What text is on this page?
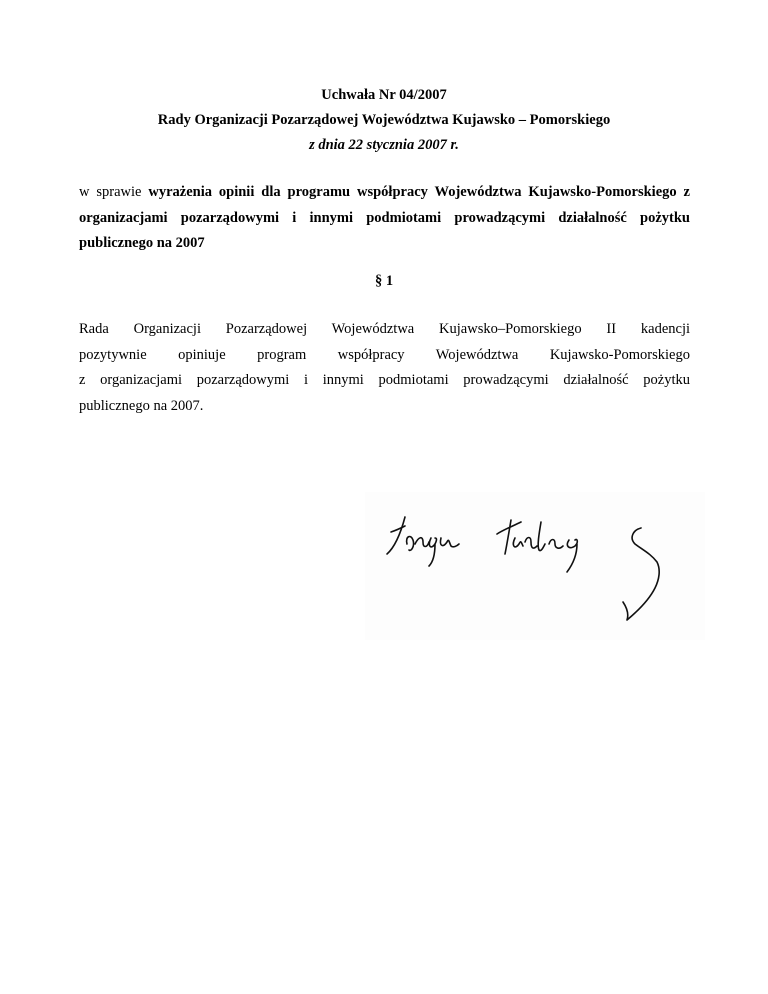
Uchwała Nr 04/2007
Rady Organizacji Pozarządowej Województwa Kujawsko – Pomorskiego
z dnia 22 stycznia 2007 r.
w sprawie wyrażenia opinii dla programu współpracy Województwa Kujawsko-Pomorskiego z organizacjami pozarządowymi i innymi podmiotami prowadzącymi działalność pożytku publicznego na 2007
§ 1
Rada Organizacji Pozarządowej Województwa Kujawsko–Pomorskiego II kadencji
pozytywnie opiniuje program współpracy Województwa Kujawsko-Pomorskiego
z organizacjami pozarządowymi i innymi podmiotami prowadzącymi działalność pożytku
publicznego na 2007.
